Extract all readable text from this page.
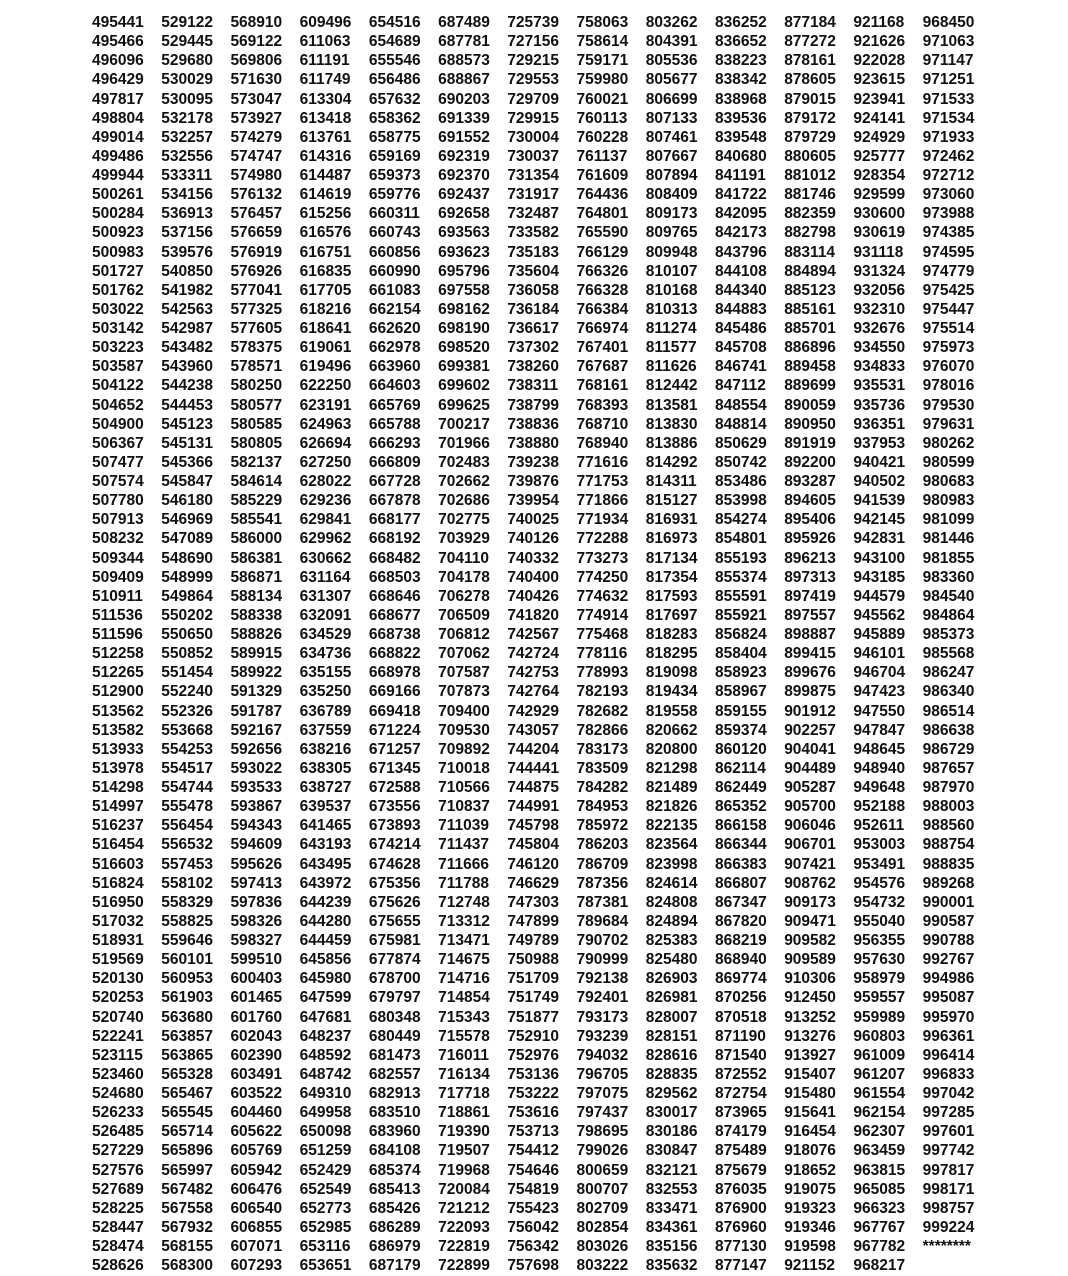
495441	529122	568910	609496	654516	687489	725739	758063	803262	836252	877184	921168	968450
495466	529445	569122	611063	654689	687781	727156	758614	804391	836652	877272	921626	971063
496096	529680	569806	611191	655546	688573	729215	759171	805536	838223	878161	922028	971147
496429	530029	571630	611749	656486	688867	729553	759980	805677	838342	878605	923615	971251
497817	530095	573047	613304	657632	690203	729709	760021	806699	838968	879015	923941	971533
498804	532178	573927	613418	658362	691339	729915	760113	807133	839536	879172	924141	971534
499014	532257	574279	613761	658775	691552	730004	760228	807461	839548	879729	924929	971933
499486	532556	574747	614316	659169	692319	730037	761137	807667	840680	880605	925777	972462
499944	533311	574980	614487	659373	692370	731354	761609	807894	841191	881012	928354	972712
500261	534156	576132	614619	659776	692437	731917	764436	808409	841722	881746	929599	973060
500284	536913	576457	615256	660311	692658	732487	764801	809173	842095	882359	930600	973988
500923	537156	576659	616576	660743	693563	733582	765590	809765	842173	882798	930619	974385
500983	539576	576919	616751	660856	693623	735183	766129	809948	843796	883114	931118	974595
501727	540850	576926	616835	660990	695796	735604	766326	810107	844108	884894	931324	974779
501762	541982	577041	617705	661083	697558	736058	766328	810168	844340	885123	932056	975425
503022	542563	577325	618216	662154	698162	736184	766384	810313	844883	885161	932310	975447
503142	542987	577605	618641	662620	698190	736617	766974	811274	845486	885701	932676	975514
503223	543482	578375	619061	662978	698520	737302	767401	811577	845708	886896	934550	975973
503587	543960	578571	619496	663960	699381	738260	767687	811626	846741	889458	934833	976070
504122	544238	580250	622250	664603	699602	738311	768161	812442	847112	889699	935531	978016
504652	544453	580577	623191	665769	699625	738799	768393	813581	848554	890059	935736	979530
504900	545123	580585	624963	665788	700217	738836	768710	813830	848814	890950	936351	979631
506367	545131	580805	626694	666293	701966	738880	768940	813886	850629	891919	937953	980262
507477	545366	582137	627250	666809	702483	739238	771616	814292	850742	892200	940421	980599
507574	545847	584614	628022	667728	702662	739876	771753	814311	853486	893287	940502	980683
507780	546180	585229	629236	667878	702686	739954	771866	815127	853998	894605	941539	980983
507913	546969	585541	629841	668177	702775	740025	771934	816931	854274	895406	942145	981099
508232	547089	586000	629962	668192	703929	740126	772288	816973	854801	895926	942831	981446
509344	548690	586381	630662	668482	704110	740332	773273	817134	855193	896213	943100	981855
509409	548999	586871	631164	668503	704178	740400	774250	817354	855374	897313	943185	983360
510911	549864	588134	631307	668646	706278	740426	774632	817593	855591	897419	944579	984540
511536	550202	588338	632091	668677	706509	741820	774914	817697	855921	897557	945562	984864
511596	550650	588826	634529	668738	706812	742567	775468	818283	856824	898887	945889	985373
512258	550852	589915	634736	668822	707062	742724	778116	818295	858404	899415	946101	985568
512265	551454	589922	635155	668978	707587	742753	778993	819098	858923	899676	946704	986247
512900	552240	591329	635250	669166	707873	742764	782193	819434	858967	899875	947423	986340
513562	552326	591787	636789	669418	709400	742929	782682	819558	859155	901912	947550	986514
513582	553668	592167	637559	671224	709530	743057	782866	820662	859374	902257	947847	986638
513933	554253	592656	638216	671257	709892	744204	783173	820800	860120	904041	948645	986729
513978	554517	593022	638305	671345	710018	744441	783509	821298	862114	904489	948940	987657
514298	554744	593533	638727	672588	710566	744875	784282	821489	862449	905287	949648	987970
514997	555478	593867	639537	673556	710837	744991	784953	821826	865352	905700	952188	988003
516237	556454	594343	641465	673893	711039	745798	785972	822135	866158	906046	952611	988560
516454	556532	594609	643193	674214	711437	745804	786203	823564	866344	906701	953003	988754
516603	557453	595626	643495	674628	711666	746120	786709	823998	866383	907421	953491	988835
516824	558102	597413	643972	675356	711788	746629	787356	824614	866807	908762	954576	989268
516950	558329	597836	644239	675626	712748	747303	787381	824808	867347	909173	954732	990001
517032	558825	598326	644280	675655	713312	747899	789684	824894	867820	909471	955040	990587
518931	559646	598327	644459	675981	713471	749789	790702	825383	868219	909582	956355	990788
519569	560101	599510	645856	677874	714675	750988	790999	825480	868940	909589	957630	992767
520130	560953	600403	645980	678700	714716	751709	792138	826903	869774	910306	958979	994986
520253	561903	601465	647599	679797	714854	751749	792401	826981	870256	912450	959557	995087
520740	563680	601760	647681	680348	715343	751877	793173	828007	870518	913252	959989	995970
522241	563857	602043	648237	680449	715578	752910	793239	828151	871190	913276	960803	996361
523115	563865	602390	648592	681473	716011	752976	794032	828616	871540	913927	961009	996414
523460	565328	603491	648742	682557	716134	753136	796705	828835	872552	915407	961207	996833
524680	565467	603522	649310	682913	717718	753222	797075	829562	872754	915480	961554	997042
526233	565545	604460	649958	683510	718861	753616	797437	830017	873965	915641	962154	997285
526485	565714	605622	650098	683960	719390	753713	798695	830186	874179	916454	962307	997601
527229	565896	605769	651259	684108	719507	754412	799026	830847	875489	918076	963459	997742
527576	565997	605942	652429	685374	719968	754646	800659	832121	875679	918652	963815	997817
527689	567482	606476	652549	685413	720084	754819	800707	832553	876035	919075	965085	998171
528225	567558	606540	652773	685426	721212	755423	802709	833471	876900	919323	966323	998757
528447	567932	606855	652985	686289	722093	756042	802854	834361	876960	919346	967767	999224
528474	568155	607071	653116	686979	722819	756342	803026	835156	877130	919598	967782	********
528626	568300	607293	653651	687179	722899	757698	803222	835632	877147	921152	968217	
